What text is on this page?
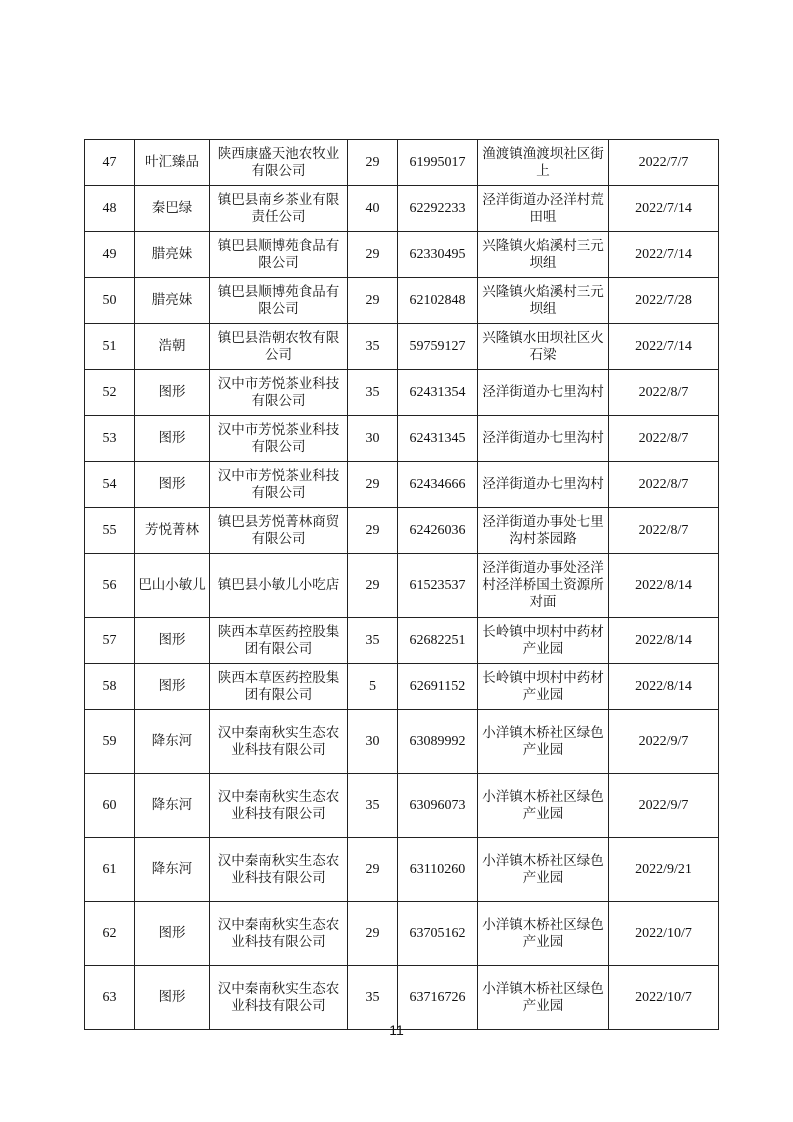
47	叶汇臻品	陕西康盛天池农牧业有限公司	29	61995017	渔渡镇渔渡坝社区街上	2022/7/7
48	秦巴绿	镇巴县南乡茶业有限责任公司	40	62292233	泾洋街道办泾洋村荒田咀	2022/7/14
49	腊亮妹	镇巴县顺博苑食品有限公司	29	62330495	兴隆镇火焰溪村三元坝组	2022/7/14
50	腊亮妹	镇巴县顺博苑食品有限公司	29	62102848	兴隆镇火焰溪村三元坝组	2022/7/28
51	浩朝	镇巴县浩朝农牧有限公司	35	59759127	兴隆镇水田坝社区火石梁	2022/7/14
52	图形	汉中市芳悦茶业科技有限公司	35	62431354	泾洋街道办七里沟村	2022/8/7
53	图形	汉中市芳悦茶业科技有限公司	30	62431345	泾洋街道办七里沟村	2022/8/7
54	图形	汉中市芳悦茶业科技有限公司	29	62434666	泾洋街道办七里沟村	2022/8/7
55	芳悦菁林	镇巴县芳悦菁林商贸有限公司	29	62426036	泾洋街道办事处七里沟村茶园路	2022/8/7
56	巴山小敏儿	镇巴县小敏儿小吃店	29	61523537	泾洋街道办事处泾洋村泾洋桥国土资源所对面	2022/8/14
57	图形	陕西本草医药控股集团有限公司	35	62682251	长岭镇中坝村中药材产业园	2022/8/14
58	图形	陕西本草医药控股集团有限公司	5	62691152	长岭镇中坝村中药材产业园	2022/8/14
59	降东河	汉中秦南秋实生态农业科技有限公司	30	63089992	小洋镇木桥社区绿色产业园	2022/9/7
60	降东河	汉中秦南秋实生态农业科技有限公司	35	63096073	小洋镇木桥社区绿色产业园	2022/9/7
61	降东河	汉中秦南秋实生态农业科技有限公司	29	63110260	小洋镇木桥社区绿色产业园	2022/9/21
62	图形	汉中秦南秋实生态农业科技有限公司	29	63705162	小洋镇木桥社区绿色产业园	2022/10/7
63	图形	汉中秦南秋实生态农业科技有限公司	35	63716726	小洋镇木桥社区绿色产业园	2022/10/7
11
